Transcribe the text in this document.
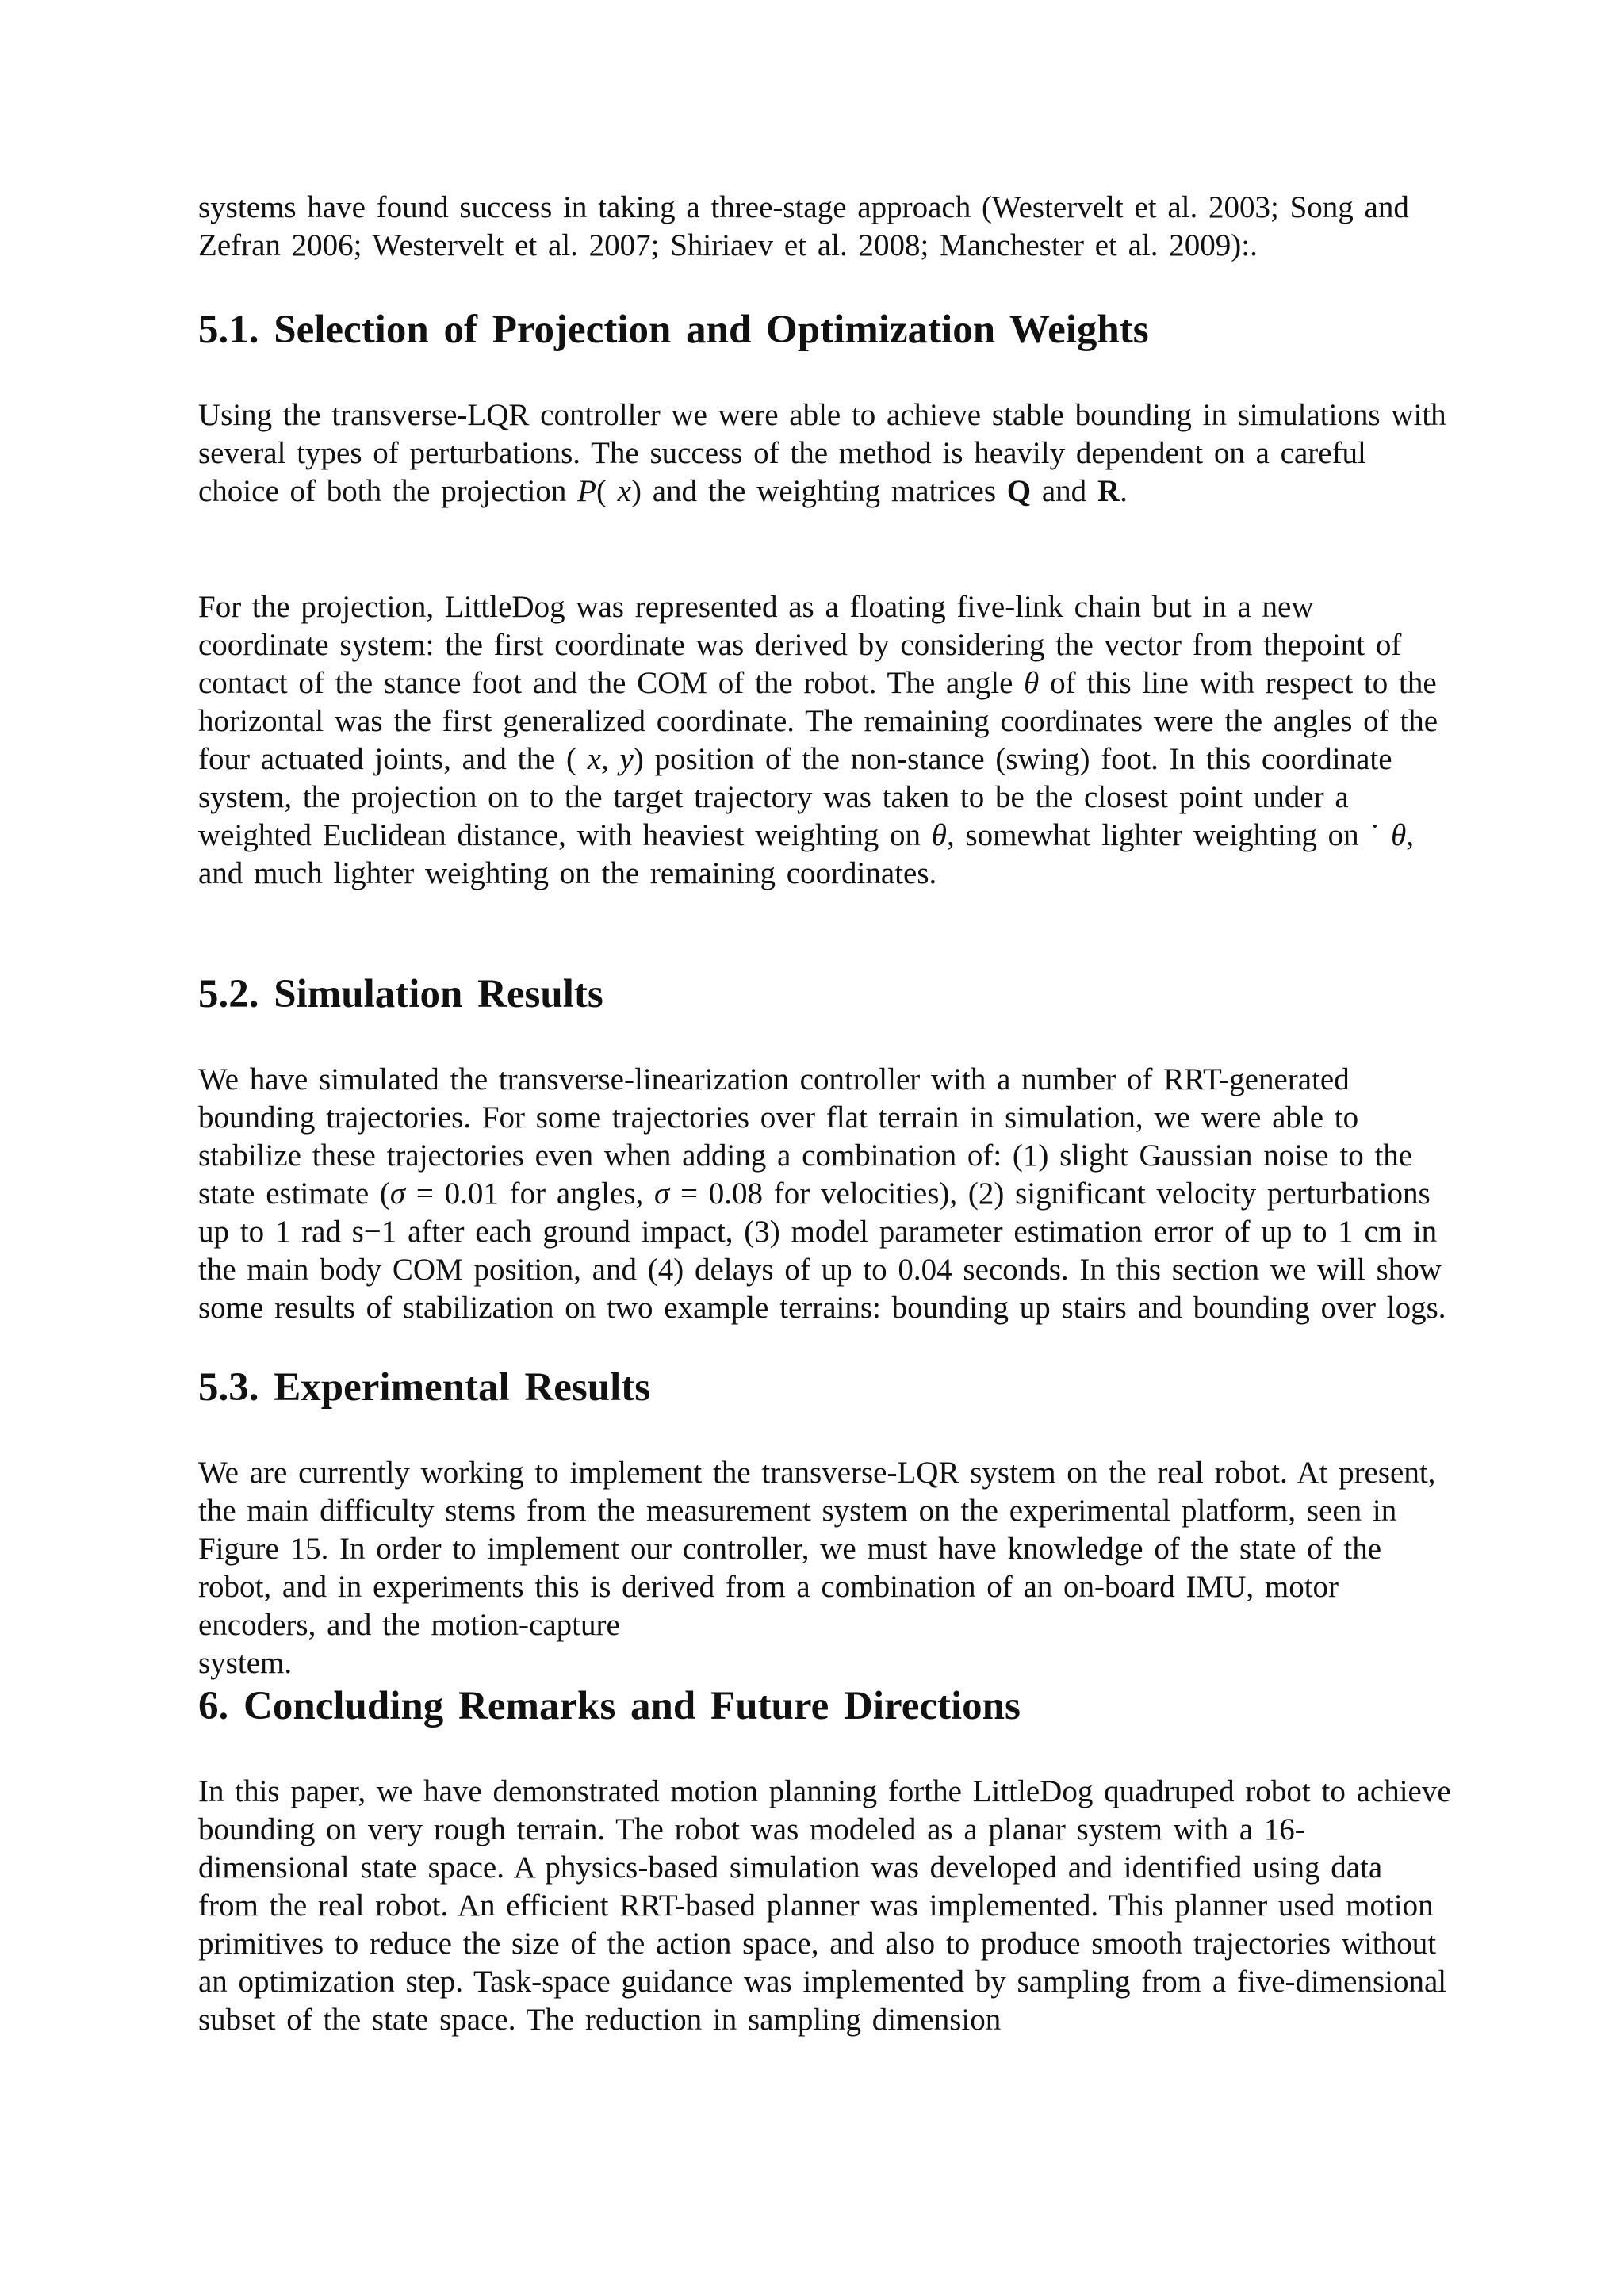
systems have found success in taking a three-stage approach (Westervelt et al. 2003; Song and Zefran 2006; Westervelt et al. 2007; Shiriaev et al. 2008; Manchester et al. 2009):.

5.1. Selection of Projection and Optimization Weights

Using the transverse-LQR controller we were able to achieve stable bounding in simulations with several types of perturbations. The success of the method is heavily dependent on a careful choice of both the projection P( x) and the weighting matrices Q and R.

For the projection, LittleDog was represented as a floating five-link chain but in a new coordinate system: the first coordinate was derived by considering the vector from thepoint of contact of the stance foot and the COM of the robot. The angle θ of this line with respect to the horizontal was the first generalized coordinate. The remaining coordinates were the angles of the four actuated joints, and the ( x, y) position of the non-stance (swing) foot. In this coordinate system, the projection on to the target trajectory was taken to be the closest point under a weighted Euclidean distance, with heaviest weighting on θ, somewhat lighter weighting on ˙ θ, and much lighter weighting on the remaining coordinates.

5.2. Simulation Results

We have simulated the transverse-linearization controller with a number of RRT-generated bounding trajectories. For some trajectories over flat terrain in simulation, we were able to stabilize these trajectories even when adding a combination of: (1) slight Gaussian noise to the state estimate (σ = 0.01 for angles, σ = 0.08 for velocities), (2) significant velocity perturbations up to 1 rad s−1 after each ground impact, (3) model parameter estimation error of up to 1 cm in the main body COM position, and (4) delays of up to 0.04 seconds. In this section we will show some results of stabilization on two example terrains: bounding up stairs and bounding over logs.

5.3. Experimental Results

We are currently working to implement the transverse-LQR system on the real robot. At present, the main difficulty stems from the measurement system on the experimental platform, seen in Figure 15. In order to implement our controller, we must have knowledge of the state of the robot, and in experiments this is derived from a combination of an on-board IMU, motor encoders, and the motion-capture

system.

6. Concluding Remarks and Future Directions

In this paper, we have demonstrated motion planning forthe LittleDog quadruped robot to achieve bounding on very rough terrain. The robot was modeled as a planar system with a 16-dimensional state space. A physics-based simulation was developed and identified using data from the real robot. An efficient RRT-based planner was implemented. This planner used motion primitives to reduce the size of the action space, and also to produce smooth trajectories without an optimization step. Task-space guidance was implemented by sampling from a five-dimensional subset of the state space. The reduction in sampling dimension
